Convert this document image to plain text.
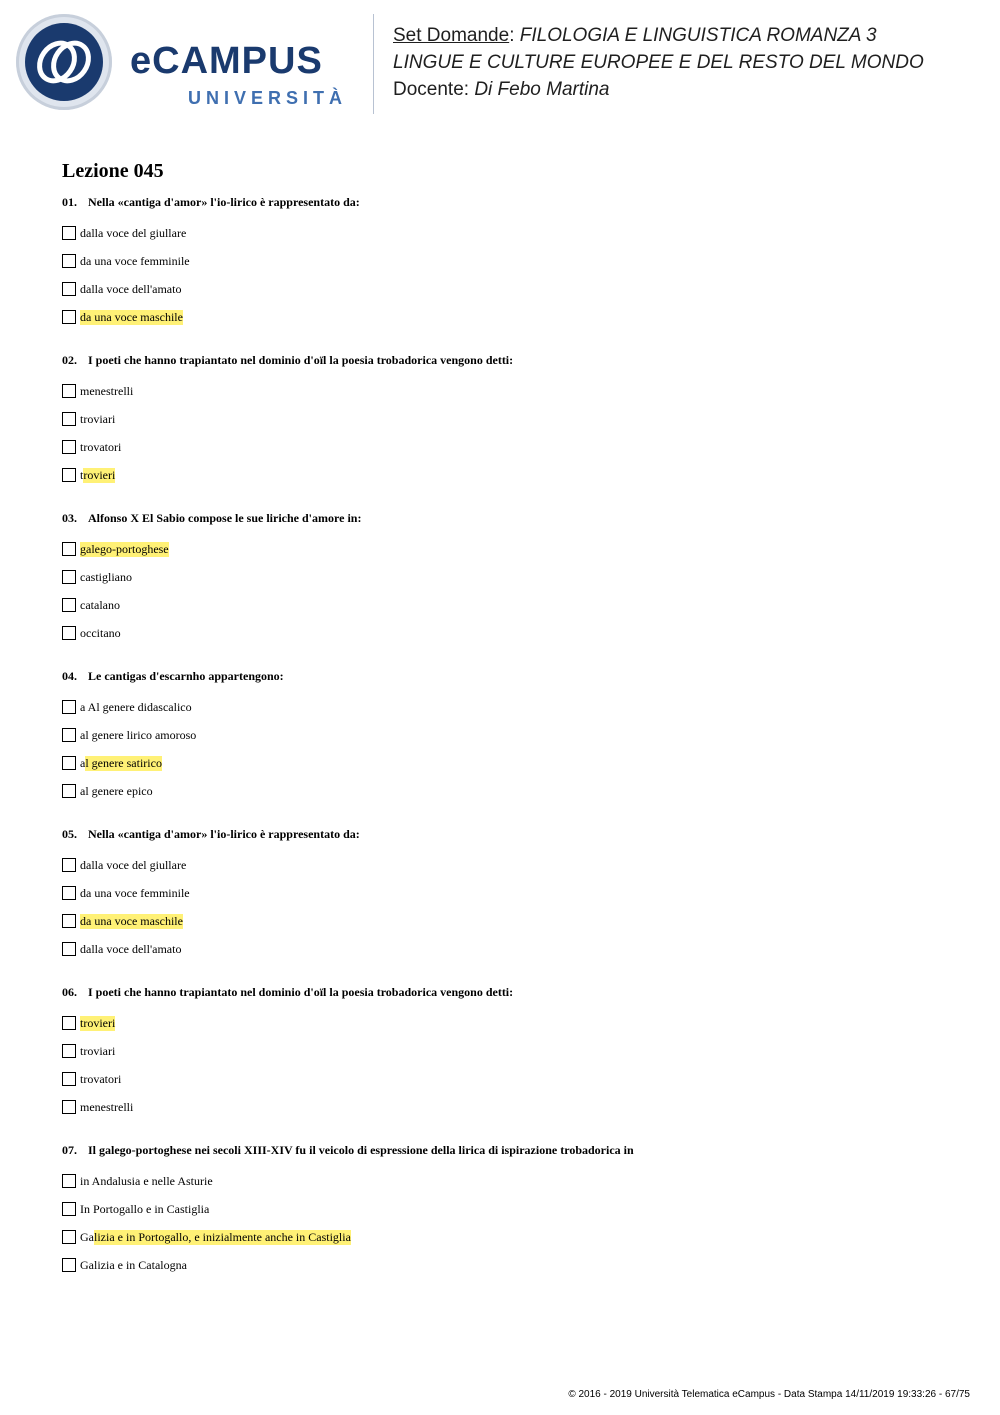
eCAMPUS
UNIVERSITÀ
Set Domande: FILOLOGIA E LINGUISTICA ROMANZA 3
LINGUE E CULTURE EUROPEE E DEL RESTO DEL MONDO
Docente: Di Febo Martina
Lezione 045
01. Nella «cantiga d'amor» l'io-lirico è rappresentato da:
dalla voce del giullare
da una voce femminile
dalla voce dell'amato
da una voce maschile
02. I poeti che hanno trapiantato nel dominio d'oïl la poesia trobadorica vengono detti:
menestrelli
troviari
trovatori
t rovieri
03. Alfonso X El Sabio compose le sue liriche d'amore in:
galego-portoghese
castigliano
catalano
occitano
04. Le cantigas d'escarnho appartengono:
a Al genere didascalico
al genere lirico amoroso
a l genere satirico
al genere epico
05. Nella «cantiga d'amor» l'io-lirico è rappresentato da:
dalla voce del giullare
da una voce femminile
da una voce maschile
dalla voce dell'amato
06. I poeti che hanno trapiantato nel dominio d'oïl la poesia trobadorica vengono detti:
trovieri
troviari
trovatori
menestrelli
07. Il galego-portoghese nei secoli XIII-XIV fu il veicolo di espressione della lirica di ispirazione trobadorica in
in Andalusia e nelle Asturie
In Portogallo e in Castiglia
Ga lizia e in Portogallo, e inizialmente anche in Castiglia
Galizia e in Catalogna
© 2016 - 2019 Università Telematica eCampus - Data Stampa 14/11/2019 19:33:26 - 67/75
